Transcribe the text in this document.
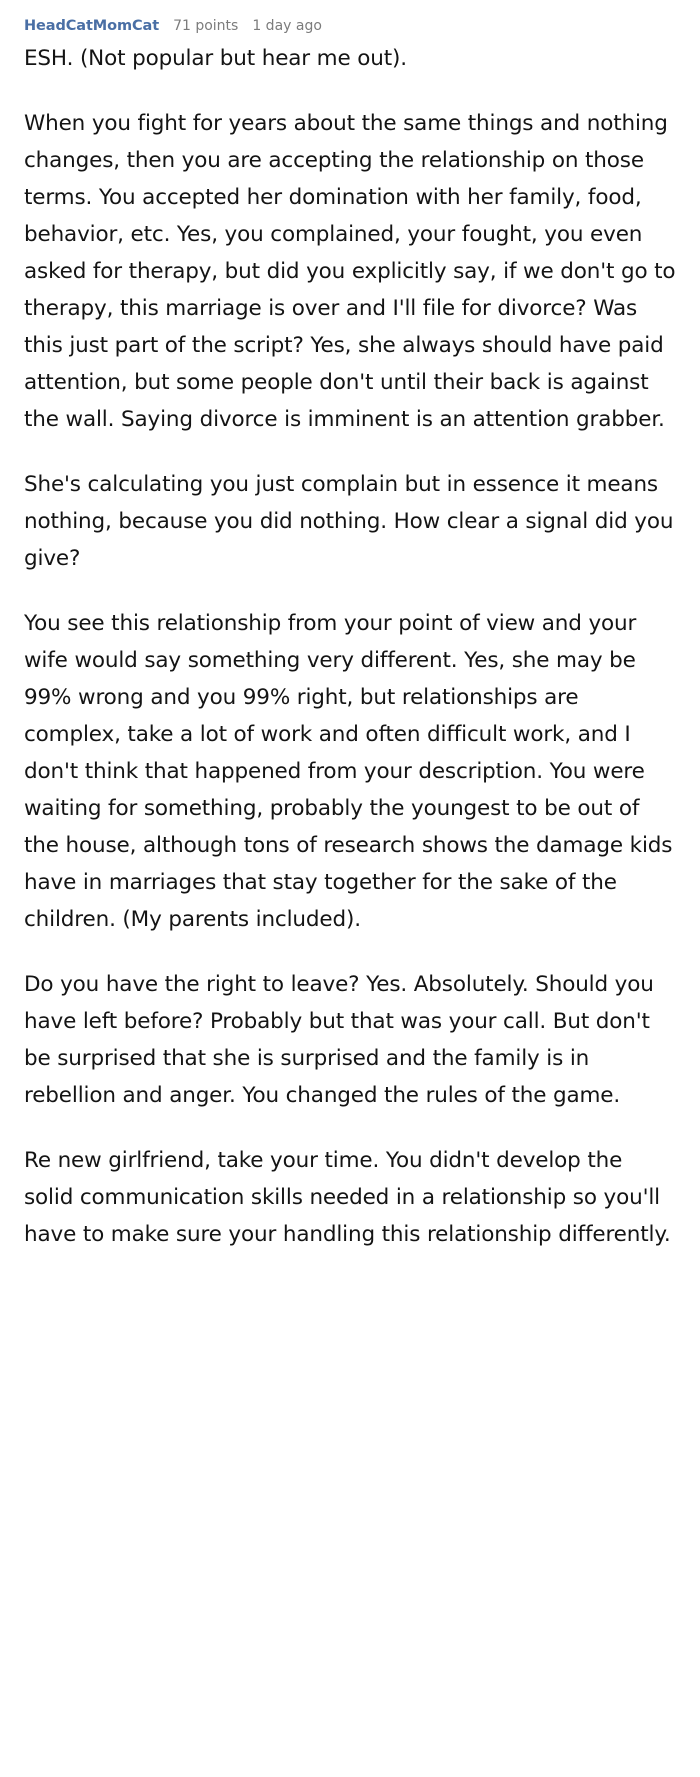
HeadCatMomCat 71 points 1 day ago

ESH. (Not popular but hear me out).

When you fight for years about the same things and nothing changes, then you are accepting the relationship on those terms. You accepted her domination with her family, food, behavior, etc. Yes, you complained, your fought, you even asked for therapy, but did you explicitly say, if we don't go to therapy, this marriage is over and I'll file for divorce? Was this just part of the script? Yes, she always should have paid attention, but some people don't until their back is against the wall. Saying divorce is imminent is an attention grabber.

She's calculating you just complain but in essence it means nothing, because you did nothing. How clear a signal did you give?

You see this relationship from your point of view and your wife would say something very different. Yes, she may be 99% wrong and you 99% right, but relationships are complex, take a lot of work and often difficult work, and I don't think that happened from your description. You were waiting for something, probably the youngest to be out of the house, although tons of research shows the damage kids have in marriages that stay together for the sake of the children. (My parents included).

Do you have the right to leave? Yes. Absolutely. Should you have left before? Probably but that was your call. But don't be surprised that she is surprised and the family is in rebellion and anger. You changed the rules of the game.

Re new girlfriend, take your time. You didn't develop the solid communication skills needed in a relationship so you'll have to make sure your handling this relationship differently.
